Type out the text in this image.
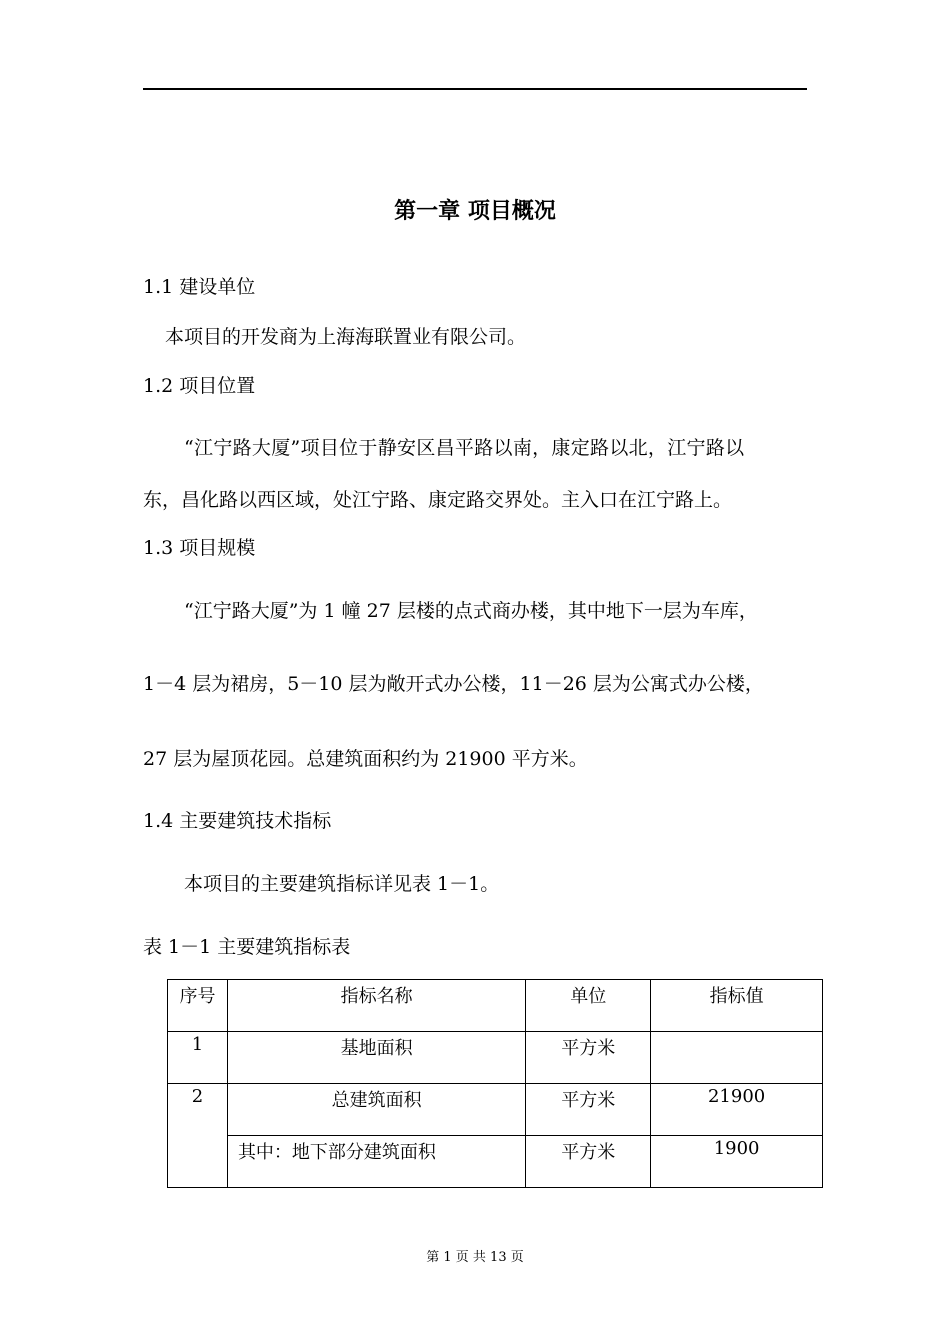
第一章 项目概况
1.1 建设单位
本项目的开发商为上海海联置业有限公司。
1.2 项目位置
“江宁路大厦”项目位于静安区昌平路以南，康定路以北，江宁路以
东，昌化路以西区域，处江宁路、康定路交界处。主入口在江宁路上。
1.3 项目规模
“江宁路大厦”为 1 幢 27 层楼的点式商办楼，其中地下一层为车库，
1－4 层为裙房，5－10 层为敞开式办公楼，11－26 层为公寓式办公楼，
27 层为屋顶花园。总建筑面积约为 21900 平方米。
1.4 主要建筑技术指标
本项目的主要建筑指标详见表 1－1。
表 1－1 主要建筑指标表
序号	指标名称	单位	指标值
1	基地面积	平方米	
2	总建筑面积	平方米	21900
	其中：地下部分建筑面积	平方米	1900
第 1 页 共 13 页
